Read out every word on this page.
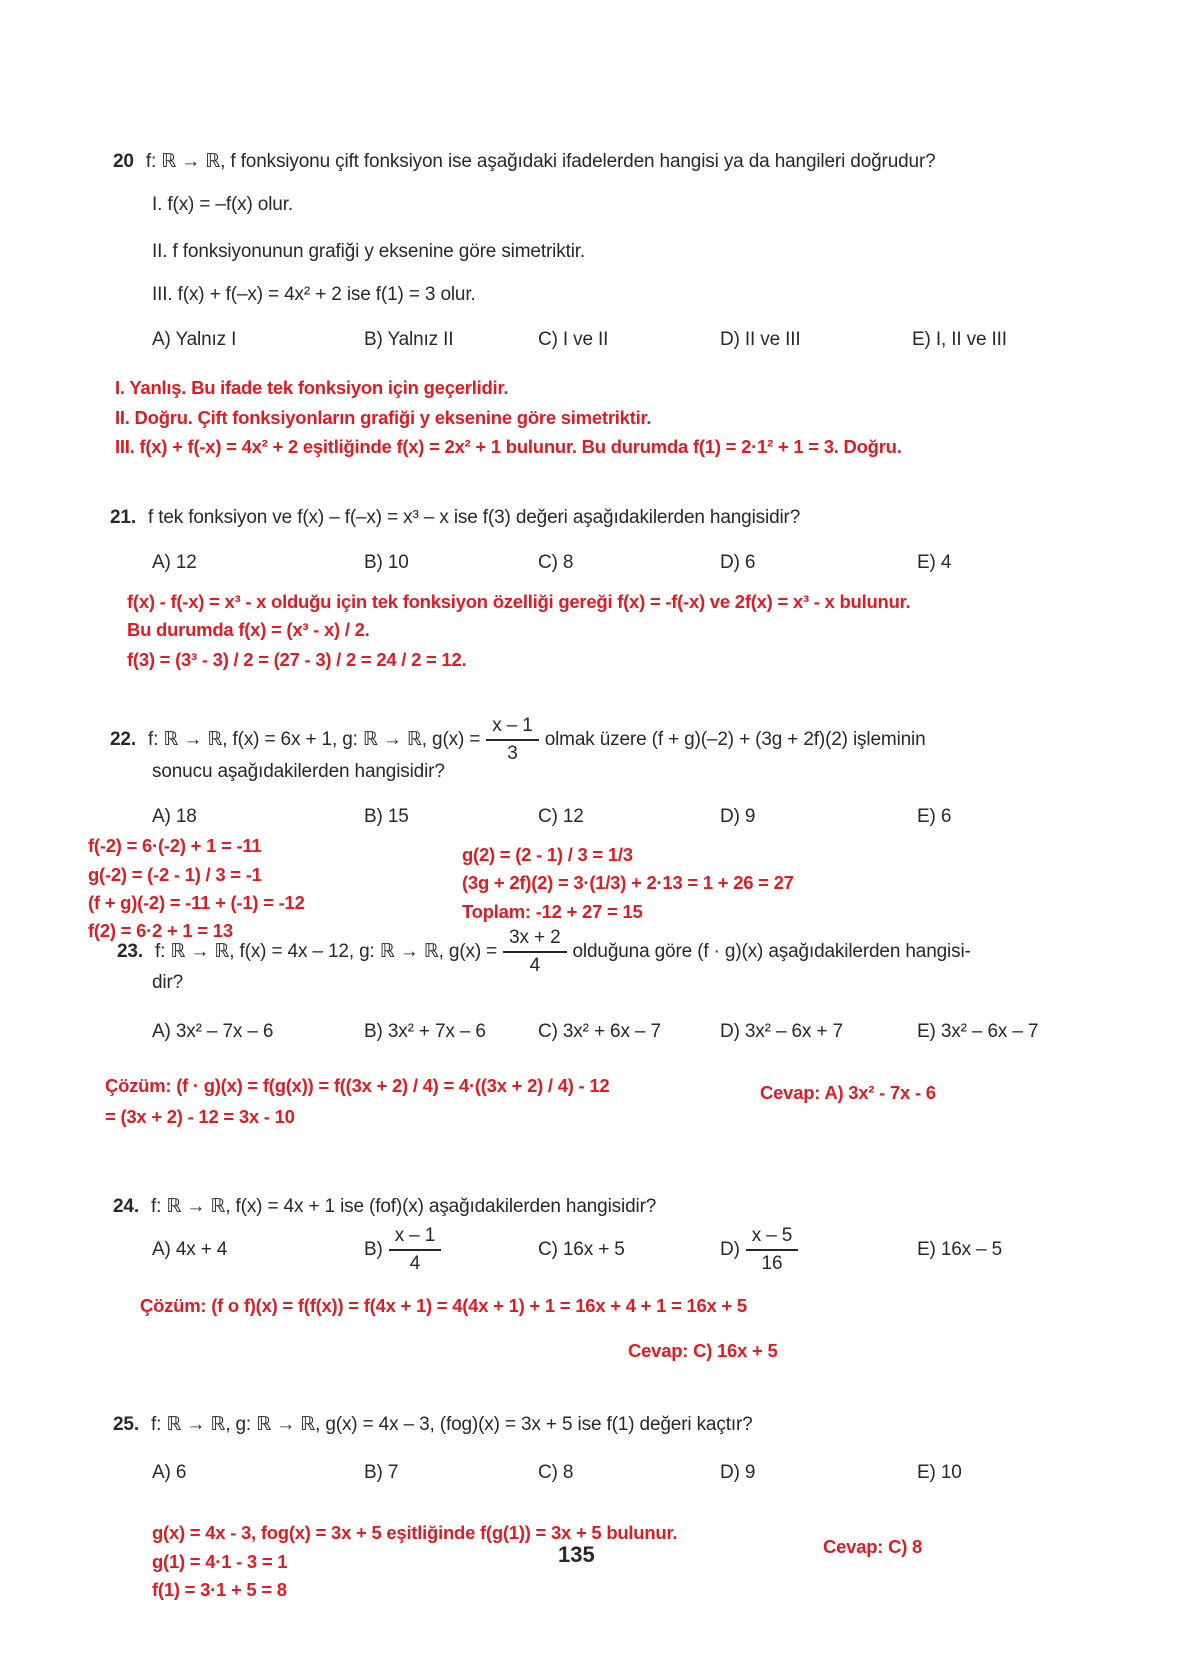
20 f: ℝ → ℝ, f fonksiyonu çift fonksiyon ise aşağıdaki ifadelerden hangisi ya da hangileri doğrudur?
I. f(x) = –f(x) olur.
II. f fonksiyonunun grafiği y eksenine göre simetriktir.
III. f(x) + f(–x) = 4x² + 2 ise f(1) = 3 olur.
A) Yalnız I	B) Yalnız II	C) I ve II	D) II ve III	E) I, II ve III
I. Yanlış. Bu ifade tek fonksiyon için geçerlidir.
II. Doğru. Çift fonksiyonların grafiği y eksenine göre simetriktir.
III. f(x) + f(-x) = 4x² + 2 eşitliğinde f(x) = 2x² + 1 bulunur. Bu durumda f(1) = 2·1² + 1 = 3. Doğru.
21. f tek fonksiyon ve f(x) – f(–x) = x³ – x ise f(3) değeri aşağıdakilerden hangisidir?
A) 12	B) 10	C) 8	D) 6	E) 4
f(x) - f(-x) = x³ - x olduğu için tek fonksiyon özelliği gereği f(x) = -f(-x) ve 2f(x) = x³ - x bulunur.
Bu durumda f(x) = (x³ - x) / 2.
f(3) = (3³ - 3) / 2 = (27 - 3) / 2 = 24 / 2 = 12.
22. f: ℝ → ℝ, f(x) = 6x + 1, g: ℝ → ℝ, $g(x) = \frac{x - 1}{3}$ olmak üzere (f + g)(–2) + (3g + 2f)(2) işleminin
sonucu aşağıdakilerden hangisidir?
A) 18	B) 15	C) 12	D) 9	E) 6
f(-2) = 6·(-2) + 1 = -11
g(-2) = (-2 - 1) / 3 = -1
(f + g)(-2) = -11 + (-1) = -12
f(2) = 6·2 + 1 = 13
g(2) = (2 - 1) / 3 = 1/3
(3g + 2f)(2) = 3·(1/3) + 2·13 = 1 + 26 = 27
Toplam: -12 + 27 = 15
23. f: ℝ → ℝ, f(x) = 4x – 12, g: ℝ → ℝ, $g(x) = \frac{3x + 2}{4}$ olduğuna göre (f · g)(x) aşağıdakilerden hangisi-
dir?
A) 3x² – 7x – 6	B) 3x² + 7x – 6	C) 3x² + 6x – 7	D) 3x² – 6x + 7	E) 3x² – 6x – 7
Çözüm: (f · g)(x) = f(g(x)) = f((3x + 2) / 4) = 4·((3x + 2) / 4) - 12
= (3x + 2) - 12 = 3x - 10
Cevap: A) 3x² - 7x - 6
24. f: ℝ → ℝ, f(x) = 4x + 1 ise (fof)(x) aşağıdakilerden hangisidir?
A) 4x + 4	$B) \frac{x - 1}{4}$	C) 16x + 5	$D) \frac{x - 5}{16}$	E) 16x – 5
Çözüm: (f o f)(x) = f(f(x)) = f(4x + 1) = 4(4x + 1) + 1 = 16x + 4 + 1 = 16x + 5
Cevap: C) 16x + 5
25. f: ℝ → ℝ, g: ℝ → ℝ, g(x) = 4x – 3, (fog)(x) = 3x + 5 ise f(1) değeri kaçtır?
A) 6	B) 7	C) 8	D) 9	E) 10
g(x) = 4x - 3, fog(x) = 3x + 5 eşitliğinde f(g(1)) = 3x + 5 bulunur.
g(1) = 4·1 - 3 = 1
f(1) = 3·1 + 5 = 8
135	Cevap: C) 8
